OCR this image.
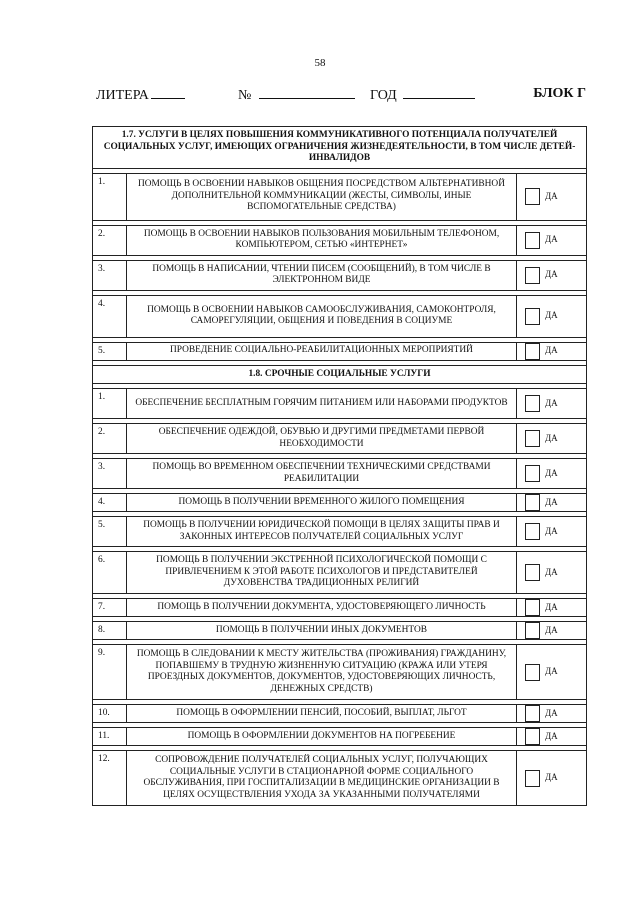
58
ЛИТЕРА	№	ГОД	БЛОК Г
1.7. УСЛУГИ В ЦЕЛЯХ ПОВЫШЕНИЯ КОММУНИКАТИВНОГО ПОТЕНЦИАЛА ПОЛУЧАТЕЛЕЙ СОЦИАЛЬНЫХ УСЛУГ, ИМЕЮЩИХ ОГРАНИЧЕНИЯ ЖИЗНЕДЕЯТЕЛЬНОСТИ, В ТОМ ЧИСЛЕ ДЕТЕЙ-ИНВАЛИДОВ		

1.	ПОМОЩЬ В ОСВОЕНИИ НАВЫКОВ ОБЩЕНИЯ ПОСРЕДСТВОМ АЛЬТЕРНАТИВНОЙ ДОПОЛНИТЕЛЬНОЙ КОММУНИКАЦИИ (ЖЕСТЫ, СИМВОЛЫ, ИНЫЕ ВСПОМОГАТЕЛЬНЫЕ СРЕДСТВА)	ДА

2.	ПОМОЩЬ В ОСВОЕНИИ НАВЫКОВ ПОЛЬЗОВАНИЯ МОБИЛЬНЫМ ТЕЛЕФОНОМ, КОМПЬЮТЕРОМ, СЕТЬЮ «ИНТЕРНЕТ»	ДА

3.	ПОМОЩЬ В НАПИСАНИИ, ЧТЕНИИ ПИСЕМ (СООБЩЕНИЙ), В ТОМ ЧИСЛЕ В ЭЛЕКТРОННОМ ВИДЕ	ДА

4.	ПОМОЩЬ В ОСВОЕНИИ НАВЫКОВ САМООБСЛУЖИВАНИЯ, САМОКОНТРОЛЯ, САМОРЕГУЛЯЦИИ, ОБЩЕНИЯ И ПОВЕДЕНИЯ В СОЦИУМЕ	ДА

5.	ПРОВЕДЕНИЕ СОЦИАЛЬНО-РЕАБИЛИТАЦИОННЫХ МЕРОПРИЯТИЙ	ДА

1.8. СРОЧНЫЕ СОЦИАЛЬНЫЕ УСЛУГИ		

1.	ОБЕСПЕЧЕНИЕ БЕСПЛАТНЫМ ГОРЯЧИМ ПИТАНИЕМ ИЛИ НАБОРАМИ ПРОДУКТОВ	ДА

2.	ОБЕСПЕЧЕНИЕ ОДЕЖДОЙ, ОБУВЬЮ И ДРУГИМИ ПРЕДМЕТАМИ ПЕРВОЙ НЕОБХОДИМОСТИ	ДА

3.	ПОМОЩЬ ВО ВРЕМЕННОМ ОБЕСПЕЧЕНИИ ТЕХНИЧЕСКИМИ СРЕДСТВАМИ РЕАБИЛИТАЦИИ	ДА

4.	ПОМОЩЬ В ПОЛУЧЕНИИ ВРЕМЕННОГО ЖИЛОГО ПОМЕЩЕНИЯ	ДА

5.	ПОМОЩЬ В ПОЛУЧЕНИИ ЮРИДИЧЕСКОЙ ПОМОЩИ В ЦЕЛЯХ ЗАЩИТЫ ПРАВ И ЗАКОННЫХ ИНТЕРЕСОВ ПОЛУЧАТЕЛЕЙ СОЦИАЛЬНЫХ УСЛУГ	ДА

6.	ПОМОЩЬ В ПОЛУЧЕНИИ ЭКСТРЕННОЙ ПСИХОЛОГИЧЕСКОЙ ПОМОЩИ С ПРИВЛЕЧЕНИЕМ К ЭТОЙ РАБОТЕ ПСИХОЛОГОВ И ПРЕДСТАВИТЕЛЕЙ ДУХОВЕНСТВА ТРАДИЦИОННЫХ РЕЛИГИЙ	ДА

7.	ПОМОЩЬ В ПОЛУЧЕНИИ ДОКУМЕНТА, УДОСТОВЕРЯЮЩЕГО ЛИЧНОСТЬ	ДА

8.	ПОМОЩЬ В ПОЛУЧЕНИИ ИНЫХ ДОКУМЕНТОВ	ДА

9.	ПОМОЩЬ В СЛЕДОВАНИИ К МЕСТУ ЖИТЕЛЬСТВА (ПРОЖИВАНИЯ) ГРАЖДАНИНУ, ПОПАВШЕМУ В ТРУДНУЮ ЖИЗНЕННУЮ СИТУАЦИЮ (КРАЖА ИЛИ УТЕРЯ ПРОЕЗДНЫХ ДОКУМЕНТОВ, ДОКУМЕНТОВ, УДОСТОВЕРЯЮЩИХ ЛИЧНОСТЬ, ДЕНЕЖНЫХ СРЕДСТВ)	ДА

10.	ПОМОЩЬ В ОФОРМЛЕНИИ ПЕНСИЙ, ПОСОБИЙ, ВЫПЛАТ, ЛЬГОТ	ДА

11.	ПОМОЩЬ В ОФОРМЛЕНИИ ДОКУМЕНТОВ НА ПОГРЕБЕНИЕ	ДА

12.	СОПРОВОЖДЕНИЕ ПОЛУЧАТЕЛЕЙ СОЦИАЛЬНЫХ УСЛУГ, ПОЛУЧАЮЩИХ СОЦИАЛЬНЫЕ УСЛУГИ В СТАЦИОНАРНОЙ ФОРМЕ СОЦИАЛЬНОГО ОБСЛУЖИВАНИЯ, ПРИ ГОСПИТАЛИЗАЦИИ В МЕДИЦИНСКИЕ ОРГАНИЗАЦИИ В ЦЕЛЯХ ОСУЩЕСТВЛЕНИЯ УХОДА ЗА УКАЗАННЫМИ ПОЛУЧАТЕЛЯМИ	ДА
